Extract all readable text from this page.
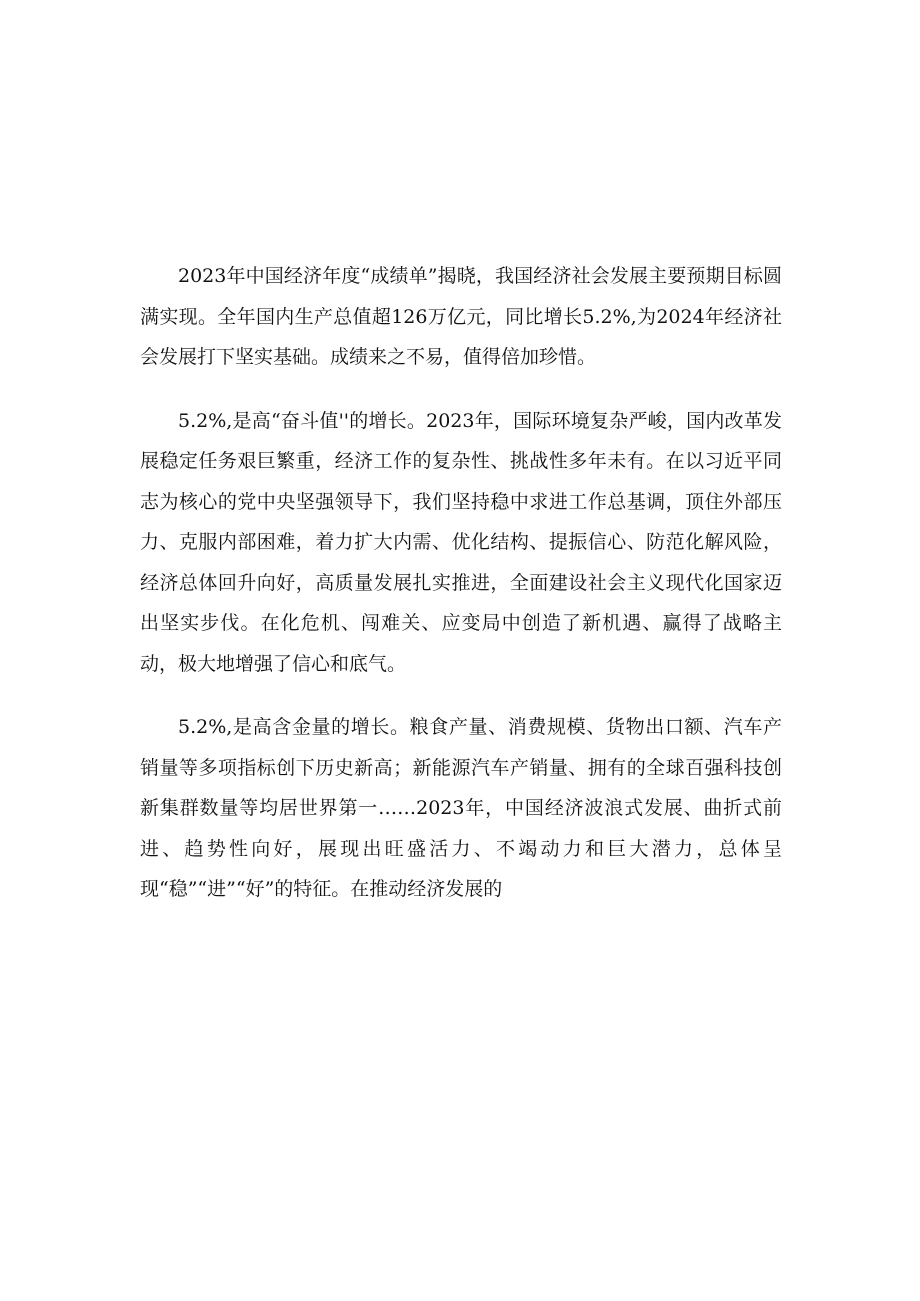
2023年中国经济年度“成绩单”揭晓，我国经济社会发展主要预期目标圆满实现。全年国内生产总值超126万亿元，同比增长5.2%,为2024年经济社会发展打下坚实基础。成绩来之不易，值得倍加珍惜。

5.2%,是高“奋斗值''的增长。2023年，国际环境复杂严峻，国内改革发展稳定任务艰巨繁重，经济工作的复杂性、挑战性多年未有。在以习近平同志为核心的党中央坚强领导下，我们坚持稳中求进工作总基调，顶住外部压力、克服内部困难，着力扩大内需、优化结构、提振信心、防范化解风险，经济总体回升向好，高质量发展扎实推进，全面建设社会主义现代化国家迈出坚实步伐。在化危机、闯难关、应变局中创造了新机遇、赢得了战略主动，极大地增强了信心和底气。

5.2%,是高含金量的增长。粮食产量、消费规模、货物出口额、汽车产销量等多项指标创下历史新高；新能源汽车产销量、拥有的全球百强科技创新集群数量等均居世界第一……2023年，中国经济波浪式发展、曲折式前进、趋势性向好，展现出旺盛活力、不竭动力和巨大潜力，总体呈现“稳”“进”“好”的特征。在推动经济发展的
